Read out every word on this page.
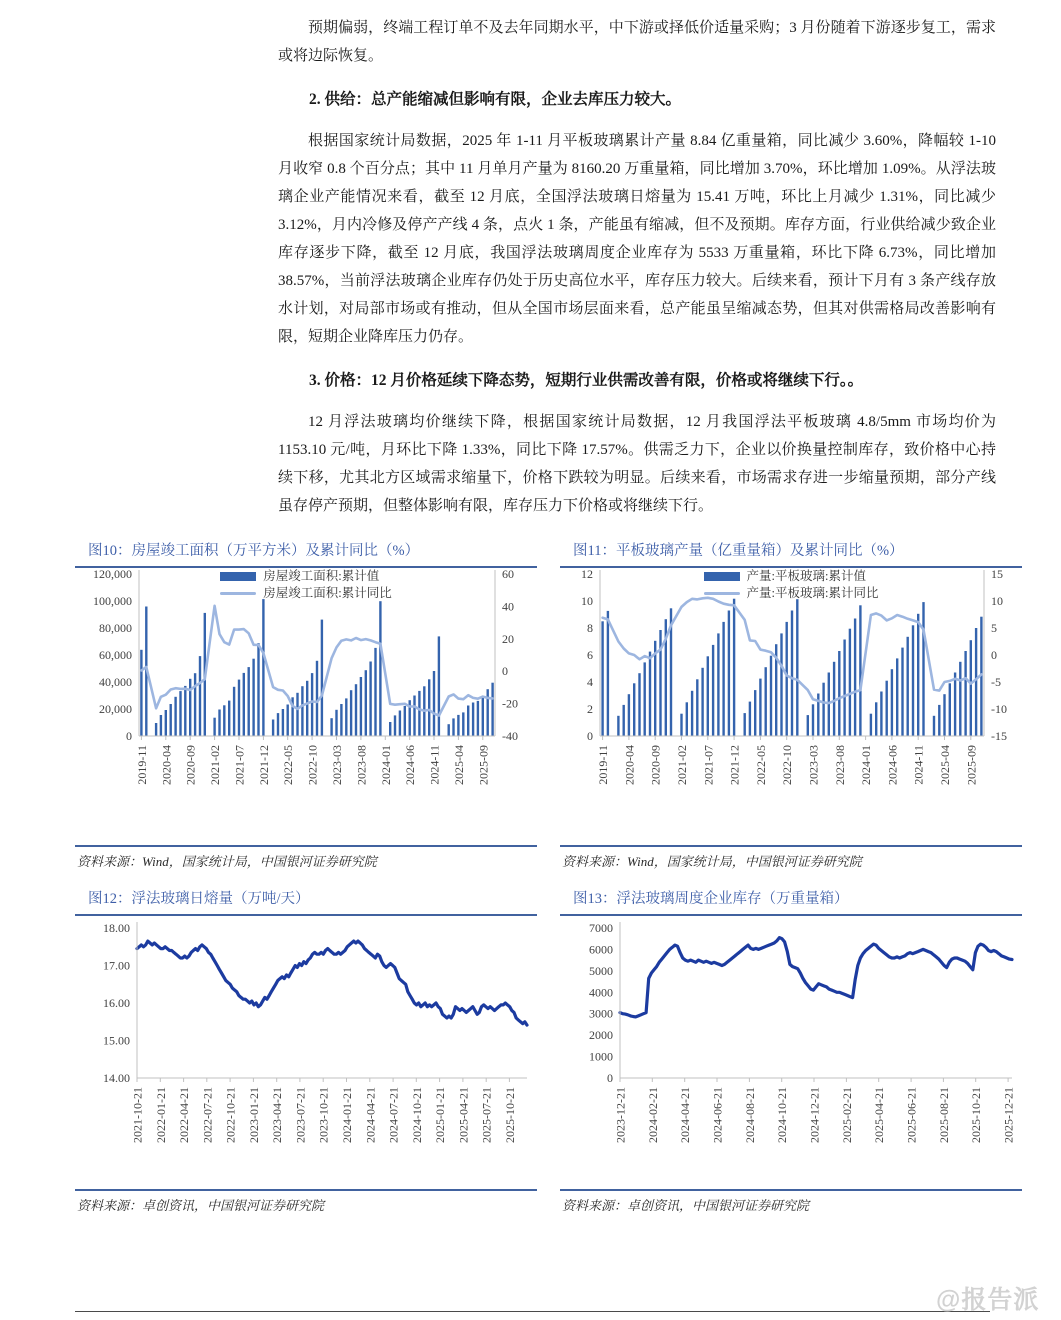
预期偏弱，终端工程订单不及去年同期水平，中下游或择低价适量采购；3 月份随着下游逐步复工，需求或将边际恢复。

2. 供给：总产能缩减但影响有限，企业去库压力较大。

根据国家统计局数据，2025 年 1-11 月平板玻璃累计产量 8.84 亿重量箱，同比减少 3.60%，降幅较 1-10 月收窄 0.8 个百分点；其中 11 月单月产量为 8160.20 万重量箱，同比增加 3.70%，环比增加 1.09%。从浮法玻璃企业产能情况来看，截至 12 月底，全国浮法玻璃日熔量为 15.41 万吨，环比上月减少 1.31%，同比减少 3.12%，月内冷修及停产产线 4 条，点火 1 条，产能虽有缩减，但不及预期。库存方面，行业供给减少致企业库存逐步下降，截至 12 月底，我国浮法玻璃周度企业库存为 5533 万重量箱，环比下降 6.73%，同比增加 38.57%，当前浮法玻璃企业库存仍处于历史高位水平，库存压力较大。后续来看，预计下月有 3 条产线存放水计划，对局部市场或有推动，但从全国市场层面来看，总产能虽呈缩减态势，但其对供需格局改善影响有限，短期企业降库压力仍存。

3. 价格：12 月价格延续下降态势，短期行业供需改善有限，价格或将继续下行。。

12 月浮法玻璃均价继续下降，根据国家统计局数据，12 月我国浮法平板玻璃 4.8/5mm 市场均价为 1153.10 元/吨，月环比下降 1.33%，同比下降 17.57%。供需乏力下，企业以价换量控制库存，致价格中心持续下移，尤其北方区域需求缩量下，价格下跌较为明显。后续来看，市场需求存进一步缩量预期，部分产线虽存停产预期，但整体影响有限，库存压力下价格或将继续下行。

图10：房屋竣工面积（万平方米）及累计同比（%）
房屋竣工面积:累计值
房屋竣工面积:累计同比
0
20,000
40,000
60,000
80,000
100,000
120,000
-40
-20
0
20
40
60
2019-11 2020-04 2020-09 2021-02 2021-07 2021-12 2022-05 2022-10 2023-03 2023-08 2024-01 2024-06 2024-11 2025-04 2025-09
资料来源：Wind，国家统计局，中国银河证券研究院
图11：平板玻璃产量（亿重量箱）及累计同比（%）
产量:平板玻璃:累计值
产量:平板玻璃:累计同比
0
2
4
6
8
10
12
-15
-10
-5
0
5
10
15
2019-11 2020-04 2020-09 2021-02 2021-07 2021-12 2022-05 2022-10 2023-03 2023-08 2024-01 2024-06 2024-11 2025-04 2025-09
资料来源：Wind，国家统计局，中国银河证券研究院
图12：浮法玻璃日熔量（万吨/天）
14.00
15.00
16.00
17.00
18.00
2021-10-21 2022-01-21 2022-04-21 2022-07-21 2022-10-21 2023-01-21 2023-04-21 2023-07-21 2023-10-21 2024-01-21 2024-04-21 2024-07-21 2024-10-21 2025-01-21 2025-04-21 2025-07-21 2025-10-21
资料来源：卓创资讯，中国银河证券研究院
图13：浮法玻璃周度企业库存（万重量箱）
0
1000
2000
3000
4000
5000
6000
7000
2023-12-21 2024-02-21 2024-04-21 2024-06-21 2024-08-21 2024-10-21 2024-12-21 2025-02-21 2025-04-21 2025-06-21 2025-08-21 2025-10-21 2025-12-21
资料来源：卓创资讯，中国银河证券研究院
@报告派
